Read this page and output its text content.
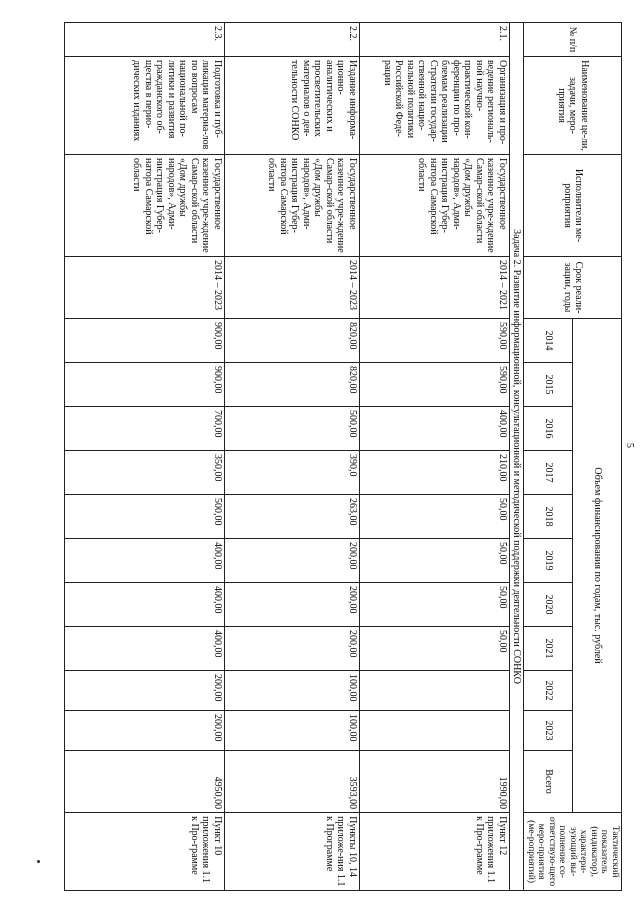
5
№ п/п	Наименование це-ли, задачи, меро-приятия	Исполнители ме-роприятия	Срок реали-зации, годы	Объем финансирования по годам, тыс. рублей											Тактический показатель (индикатор), характери-зующий вы-полнение со-ответствую-щего меро-приятия (ме-роприятий)
				2014	2015	2016	2017	2018	2019	2020	2021	2022	2023	Всего	
Задача 2. Развитие информационной, консультационной и методической поддержки деятельности СОНКО															
2.1.	Организация и про-ведение региональ-ной научно-практической кон-ференции по про-блемам реализации Стратегии государ-ственной нацио-нальной политики Российской Феде-рации	Государственное казенное учре-ждение Самар-ской области «Дом дружбы народов», Адми-нистрация Губер-натора Самарской области	2014 – 2021	590,00	590,00	400,00	210,00	50,00	50,00	50,00	50,00			1990,00	Пункт 12 приложения 1.1 к Про-грамме
2.2.	Издание информа-ционно-аналитических и просветительских материалов о дея-тельности СОНКО	Государственное казенное учре-ждение Самар-ской области «Дом дружбы народов», Адми-нистрация Губер-натора Самарской области	2014 – 2023	820,00	820,00	500,00	390,0	263,00	200,00	200,00	200,00	100,00	100,00	3593,00	Пункты 10, 14 приложе-ния 1.1 к Программе
2.3.	Подготовка и пуб-ликация материа-лов по вопросам национальной по-литики и развития гражданского об-щества в перио-дических изданиях	Государственное казенное учре-ждение Самар-ской области «Дом дружбы народов», Адми-нистрация Губер-натора Самарской области	2014 – 2023	900,00	900,00	700,00	350,00	500,00	400,00	400,00	400,00	200,00	200,00	4950,00	Пункт 10 приложения 1.1 к Про-грамме
